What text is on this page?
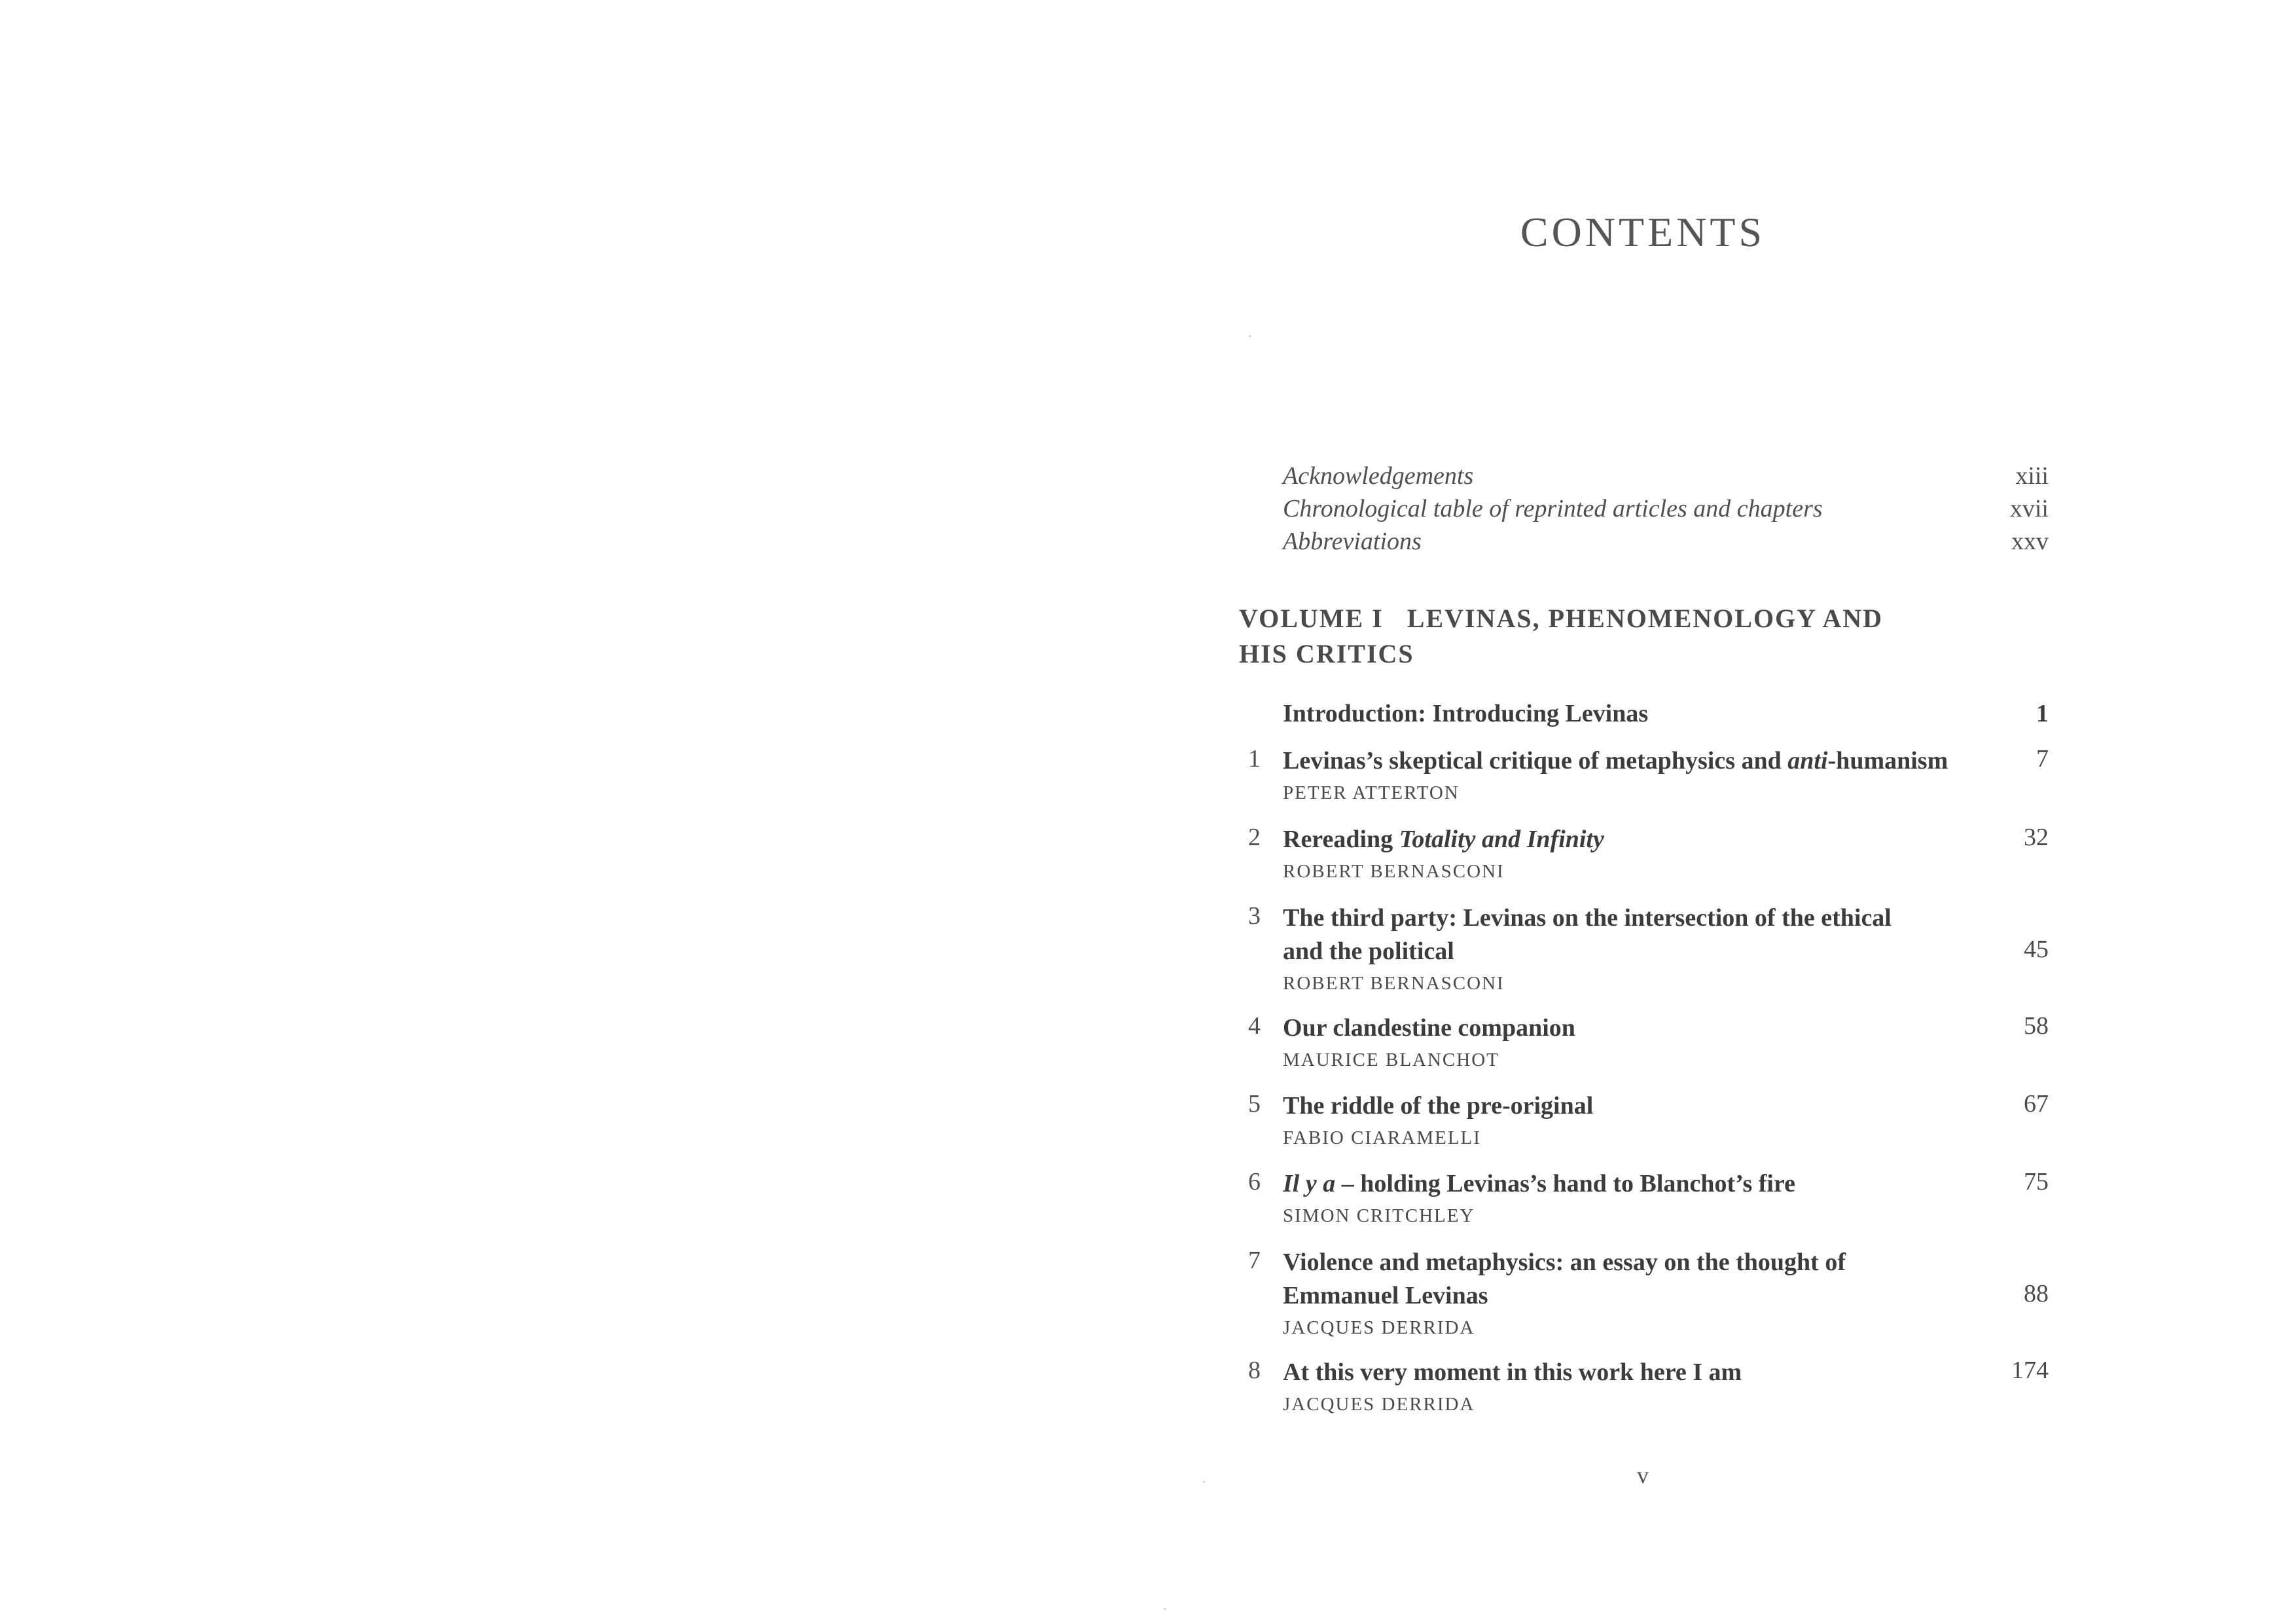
CONTENTS
Acknowledgements	xiii
Chronological table of reprinted articles and chapters	xvii
Abbreviations	xxv
VOLUME I   LEVINAS, PHENOMENOLOGY AND
HIS CRITICS
Introduction: Introducing Levinas	1
1 Levinas’s skeptical critique of metaphysics and anti-humanism	7
PETER ATTERTON
2 Rereading Totality and Infinity	32
ROBERT BERNASCONI
3 The third party: Levinas on the intersection of the ethical
and the political	45
ROBERT BERNASCONI
4 Our clandestine companion	58
MAURICE BLANCHOT
5 The riddle of the pre-original	67
FABIO CIARAMELLI
6 Il y a – holding Levinas’s hand to Blanchot’s fire	75
SIMON CRITCHLEY
7 Violence and metaphysics: an essay on the thought of
Emmanuel Levinas	88
JACQUES DERRIDA
8 At this very moment in this work here I am	174
JACQUES DERRIDA
v
